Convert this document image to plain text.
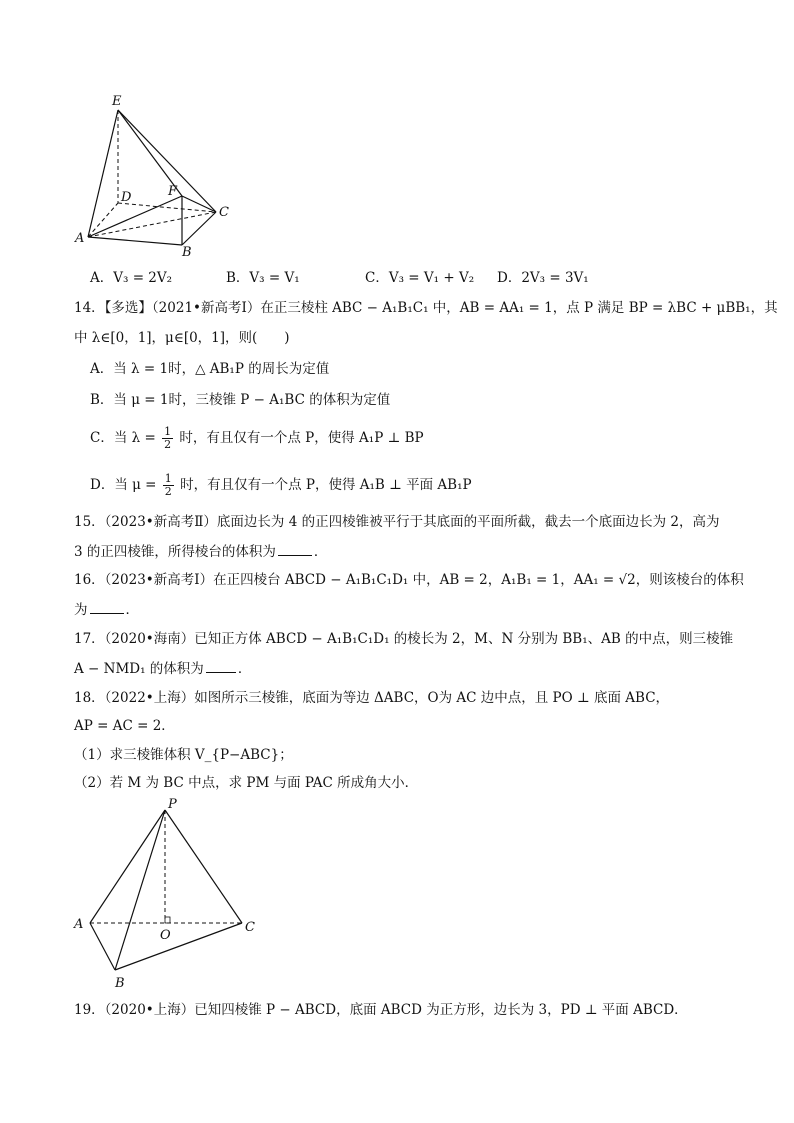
E
D	F
C
A
B
A．V₃ = 2V₂	B．V₃ = V₁	C．V₃ = V₁ + V₂ D．2V₃ = 3V₁
14．【多选】（2021•新高考Ⅰ）在正三棱柱 ABC − A₁B₁C₁ 中，AB = AA₁ = 1，点 P 满足 BP = λBC + μBB₁，其
中 λ∈[0，1]，μ∈[0，1]，则(　　)
A．当 λ = 1时，△ AB₁P 的周长为定值
B．当 μ = 1时，三棱锥 P − A₁BC 的体积为定值
C．当 $\lambda = \frac{1}{2}$ 时，有且仅有一个点 P，使得 A₁P ⊥ BP
D．当 $\mu = \frac{1}{2}$ 时，有且仅有一个点 P，使得 A₁B ⊥ 平面 AB₁P
15．（2023•新高考Ⅱ）底面边长为 4 的正四棱锥被平行于其底面的平面所截，截去一个底面边长为 2，高为
3 的正四棱锥，所得棱台的体积为	．
16．（2023•新高考Ⅰ）在正四棱台 ABCD − A₁B₁C₁D₁ 中，AB = 2，A₁B₁ = 1，AA₁ = √2，则该棱台的体积
为	．
17．（2020•海南）已知正方体 ABCD − A₁B₁C₁D₁ 的棱长为 2，M、N 分别为 BB₁、AB 的中点，则三棱锥
A − NMD₁ 的体积为	．
18．（2022•上海）如图所示三棱锥，底面为等边 ΔABC，O为 AC 边中点，且 PO ⊥ 底面 ABC，
AP = AC = 2．
（1）求三棱锥体积 V_{P−ABC}；
（2）若 M 为 BC 中点，求 PM 与面 PAC 所成角大小．
P
A
O
C
B
19．（2020•上海）已知四棱锥 P − ABCD，底面 ABCD 为正方形，边长为 3，PD ⊥ 平面 ABCD．
